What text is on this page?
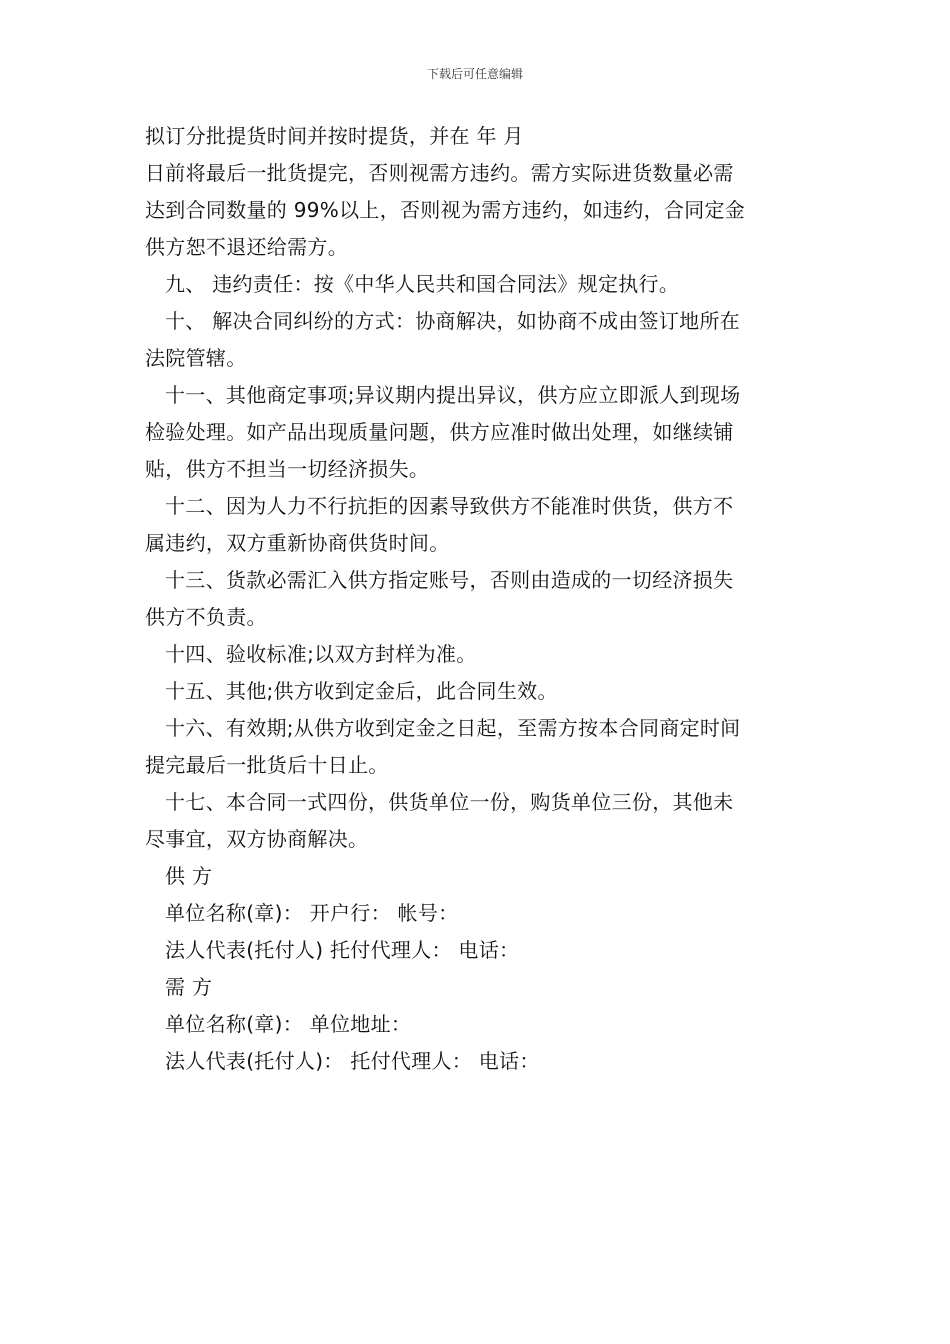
下载后可任意编辑
拟订分批提货时间并按时提货，并在 年 月
日前将最后一批货提完，否则视需方违约。需方实际进货数量必需
达到合同数量的 99%以上，否则视为需方违约，如违约，合同定金
供方恕不退还给需方。
九、 违约责任：按《中华人民共和国合同法》规定执行。
十、 解决合同纠纷的方式：协商解决，如协商不成由签订地所在
法院管辖。
十一、其他商定事项;异议期内提出异议，供方应立即派人到现场
检验处理。如产品出现质量问题，供方应准时做出处理，如继续铺
贴，供方不担当一切经济损失。
十二、因为人力不行抗拒的因素导致供方不能准时供货，供方不
属违约，双方重新协商供货时间。
十三、货款必需汇入供方指定账号，否则由造成的一切经济损失
供方不负责。
十四、验收标准;以双方封样为准。
十五、其他;供方收到定金后，此合同生效。
十六、有效期;从供方收到定金之日起，至需方按本合同商定时间
提完最后一批货后十日止。
十七、本合同一式四份，供货单位一份，购货单位三份，其他未
尽事宜，双方协商解决。
供 方
单位名称(章)： 开户行： 帐号：
法人代表(托付人) 托付代理人： 电话：
需 方
单位名称(章)： 单位地址：
法人代表(托付人)： 托付代理人： 电话：
